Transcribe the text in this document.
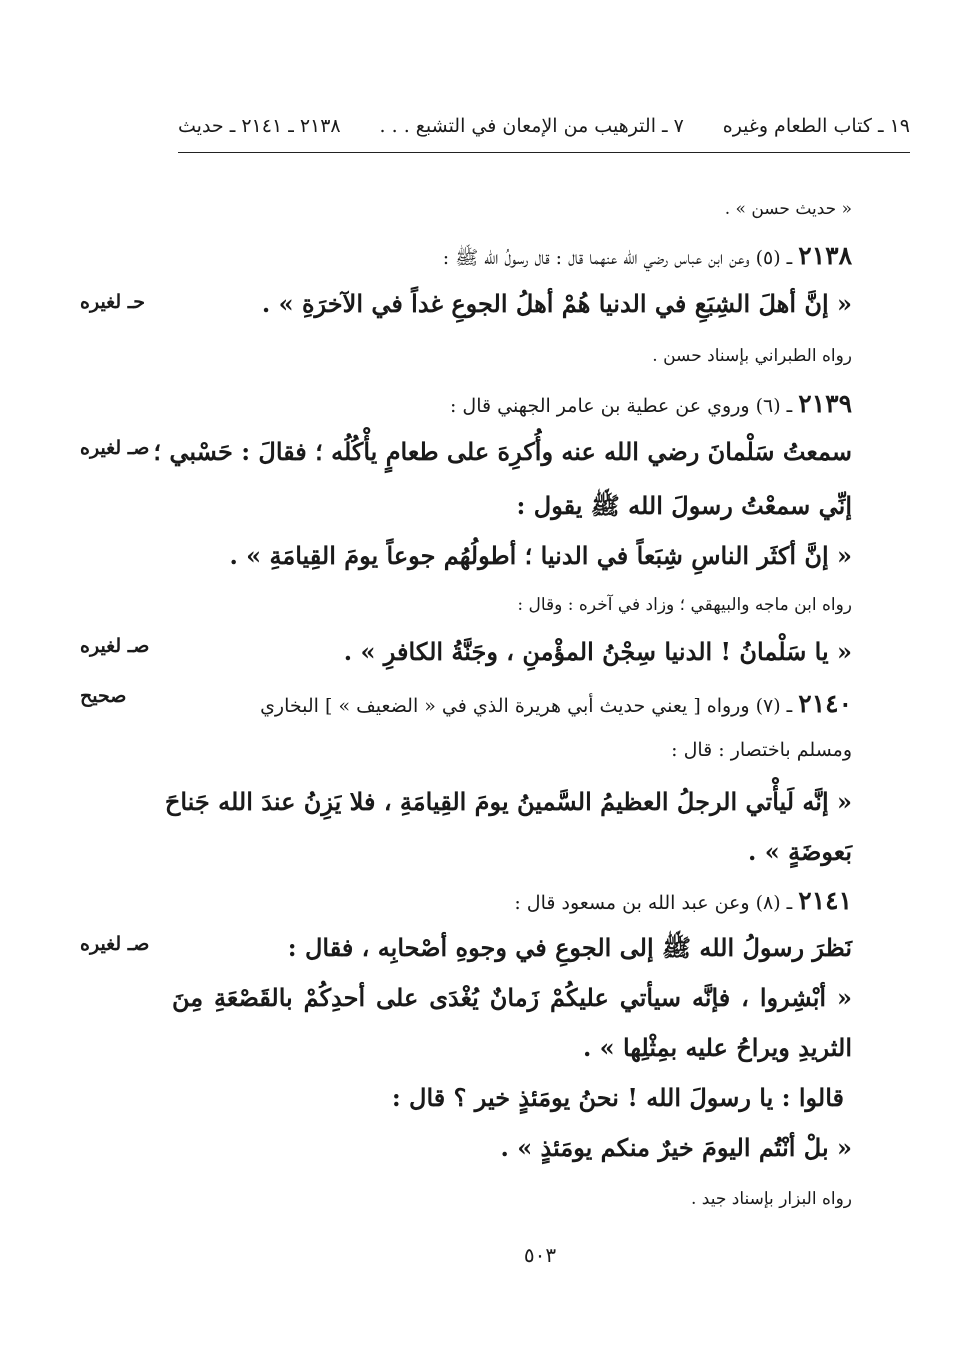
١٩ ـ كتاب الطعام وغيره
٧ ـ الترهيب من الإمعان في التشبع . . .
٢١٣٨ ـ ٢١٤١ ـ حديث
« حديث حسن » .
٢١٣٨ ـ (٥) وعن ابن عباس رضي الله عنهما قال : قال رسولُ الله ﷺ :
« إنَّ أهلَ الشِبَعِ في الدنيا هُمْ أهلُ الجوعِ غداً في الآخرَةِ » .
حـ لغيره
رواه الطبراني بإسناد حسن .
٢١٣٩ ـ (٦) وروي عن عطية بن عامر الجهني قال :
سمعتُ سَلْمانَ رضي الله عنه وأُكرِهَ على طعامٍ يأْكُلُه ؛ فقالَ : حَسْبي ؛
صـ لغيره
إنِّي سمعْتُ رسولَ الله ﷺ يقول :
« إنَّ أكثَر الناسِ شِبَعاً في الدنيا ؛ أطولُهُم جوعاً يومَ القِيامَةِ » .
رواه ابن ماجه والبيهقي ؛ وزاد في آخره : وقال :
« يا سَلْمانُ ! الدنيا سِجْنُ المؤْمنِ ، وجَنَّةُ الكافرِ » .
صـ لغيره
٢١٤٠ ـ (٧) ورواه [ يعني حديث أبي هريرة الذي في « الضعيف » ] البخاري
صحيح
ومسلم باختصار : قال :
« إنَّه لَيأْتي الرجلُ العظيمُ السَّمينُ يومَ القِيامَةِ ، فلا يَزِنُ عندَ الله جَناحَ
بَعوضَةٍ » .
٢١٤١ ـ (٨) وعن عبد الله بن مسعود قال :
نَظرَ رسولُ الله ﷺ إلى الجوعِ في وجوهِ أصْحابِه ، فقال :
صـ لغيره
« أبْشِروا ، فإنَّه سيأتي عليكُمْ زَمانٌ يُغْدَى على أحدِكُمْ بالقَصْعَةِ مِنَ
الثريدِ ويراحُ عليه بمِثْلِها » .
قالوا : يا رسولَ الله ! نحنُ يومَئذٍ خير ؟ قال :
« بلْ أنْتُم اليومَ خيرٌ منكم يومَئذٍ » .
رواه البزار بإسناد جيد .
٥٠٣
